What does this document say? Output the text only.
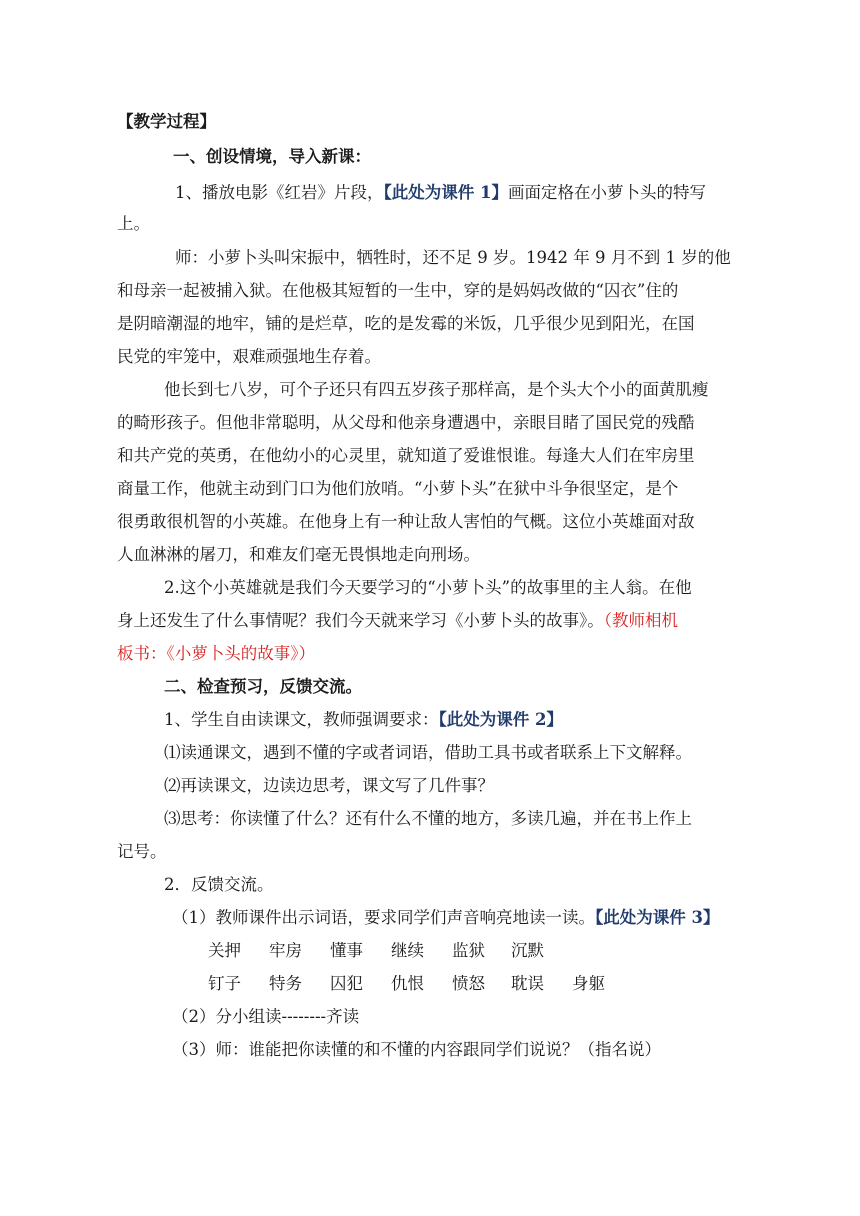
【教学过程】
一、创设情境，导入新课：
1、播放电影《红岩》片段，【此处为课件 1】画面定格在小萝卜头的特写
上。
师：小萝卜头叫宋振中，牺牲时，还不足 9 岁。1942 年 9 月不到 1 岁的他
和母亲一起被捕入狱。在他极其短暂的一生中，穿的是妈妈改做的“囚衣”住的
是阴暗潮湿的地牢，铺的是烂草，吃的是发霉的米饭，几乎很少见到阳光，在国
民党的牢笼中，艰难顽强地生存着。
他长到七八岁，可个子还只有四五岁孩子那样高，是个头大个小的面黄肌瘦
的畸形孩子。但他非常聪明，从父母和他亲身遭遇中，亲眼目睹了国民党的残酷
和共产党的英勇，在他幼小的心灵里，就知道了爱谁恨谁。每逢大人们在牢房里
商量工作，他就主动到门口为他们放哨。“小萝卜头”在狱中斗争很坚定，是个
很勇敢很机智的小英雄。在他身上有一种让敌人害怕的气概。这位小英雄面对敌
人血淋淋的屠刀，和难友们毫无畏惧地走向刑场。
2.这个小英雄就是我们今天要学习的“小萝卜头”的故事里的主人翁。在他
身上还发生了什么事情呢？我们今天就来学习《小萝卜头的故事》。（教师相机
板书：《小萝卜头的故事》）
二、检查预习，反馈交流。
1、学生自由读课文，教师强调要求：【此处为课件 2】
⑴读通课文，遇到不懂的字或者词语，借助工具书或者联系上下文解释。
⑵再读课文，边读边思考，课文写了几件事？
⑶思考：你读懂了什么？还有什么不懂的地方，多读几遍，并在书上作上
记号。
2．反馈交流。
（1）教师课件出示词语，要求同学们声音响亮地读一读。【此处为课件 3】
关押 牢房 懂事 继续 监狱 沉默
钉子 特务 囚犯 仇恨 愤怒 耽误 身躯
（2）分小组读--------齐读
（3）师：谁能把你读懂的和不懂的内容跟同学们说说？（指名说）
